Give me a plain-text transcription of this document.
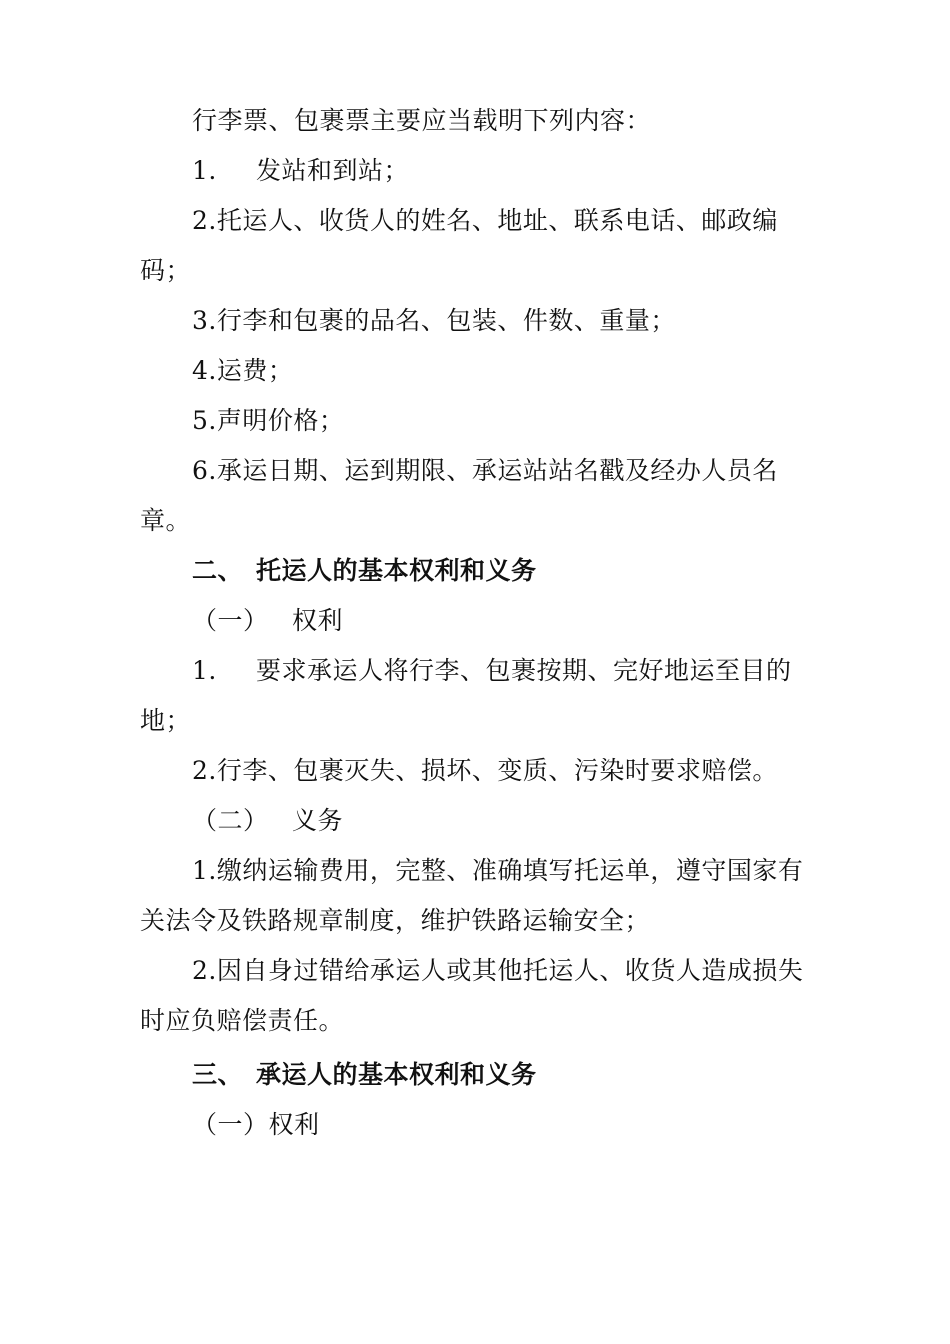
行李票、包裹票主要应当载明下列内容：
1. 发站和到站；
2.托运人、收货人的姓名、地址、联系电话、邮政编
码；
3.行李和包裹的品名、包装、件数、重量；
4.运费；
5.声明价格；
6.承运日期、运到期限、承运站站名戳及经办人员名
章。
二、 托运人的基本权利和义务
（一） 权利
1. 要求承运人将行李、包裹按期、完好地运至目的
地；
2.行李、包裹灭失、损坏、变质、污染时要求赔偿。
（二） 义务
1.缴纳运输费用，完整、准确填写托运单，遵守国家有
关法令及铁路规章制度，维护铁路运输安全；
2.因自身过错给承运人或其他托运人、收货人造成损失
时应负赔偿责任。
三、 承运人的基本权利和义务
（一）权利
